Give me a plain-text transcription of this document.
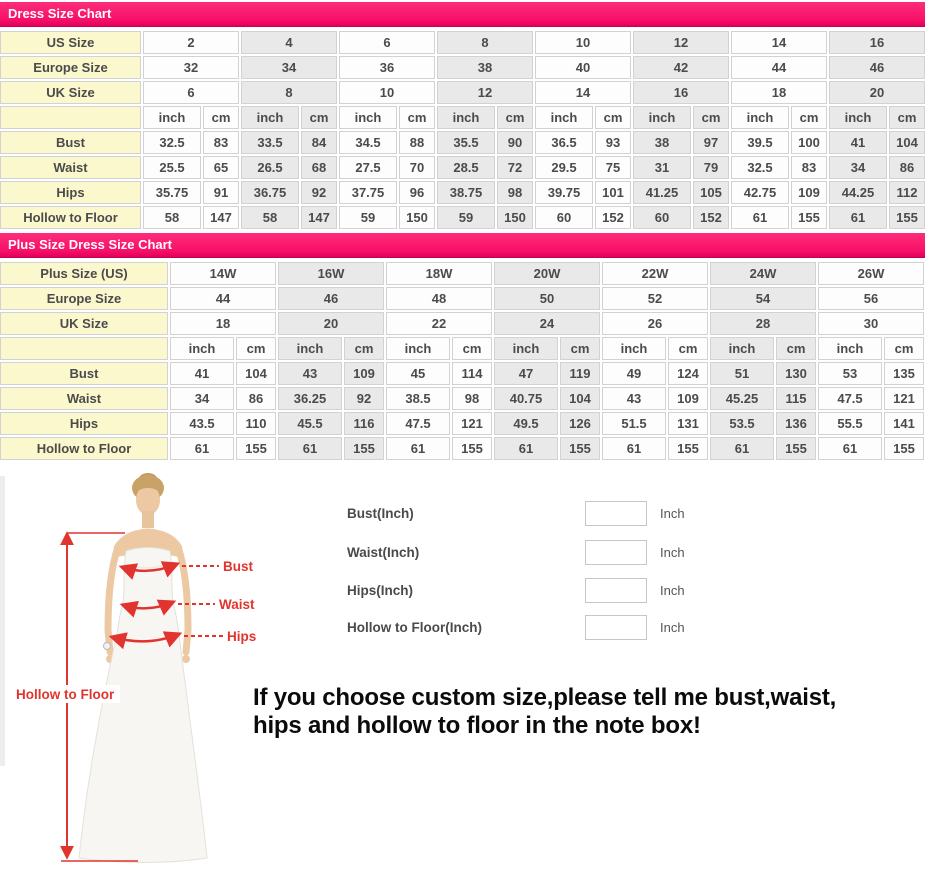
Dress Size Chart
US Size	2	4	6	8	10	12	14	16
Europe Size	32	34	36	38	40	42	44	46
UK Size	6	8	10	12	14	16	18	20
inch	cm	inch	cm	inch	cm	inch	cm	inch	cm	inch	cm	inch	cm	inch	cm
Bust	32.5	83	33.5	84	34.5	88	35.5	90	36.5	93	38	97	39.5	100	41	104
Waist	25.5	65	26.5	68	27.5	70	28.5	72	29.5	75	31	79	32.5	83	34	86
Hips	35.75	91	36.75	92	37.75	96	38.75	98	39.75	101	41.25	105	42.75	109	44.25	112
Hollow to Floor	58	147	58	147	59	150	59	150	60	152	60	152	61	155	61	155
Plus Size Dress Size Chart
Plus Size (US)	14W	16W	18W	20W	22W	24W	26W
Europe Size	44	46	48	50	52	54	56
UK Size	18	20	22	24	26	28	30
inch	cm	inch	cm	inch	cm	inch	cm	inch	cm	inch	cm	inch	cm
Bust	41	104	43	109	45	114	47	119	49	124	51	130	53	135
Waist	34	86	36.25	92	38.5	98	40.75	104	43	109	45.25	115	47.5	121
Hips	43.5	110	45.5	116	47.5	121	49.5	126	51.5	131	53.5	136	55.5	141
Hollow to Floor	61	155	61	155	61	155	61	155	61	155	61	155	61	155
Hollow to Floor
Bust
Waist
Hips
Bust(Inch)	Inch
Waist(Inch)	Inch
Hips(Inch)	Inch
Hollow to Floor(Inch)	Inch
If you choose custom size,please tell me bust,waist,
hips and hollow to floor in the note box!
